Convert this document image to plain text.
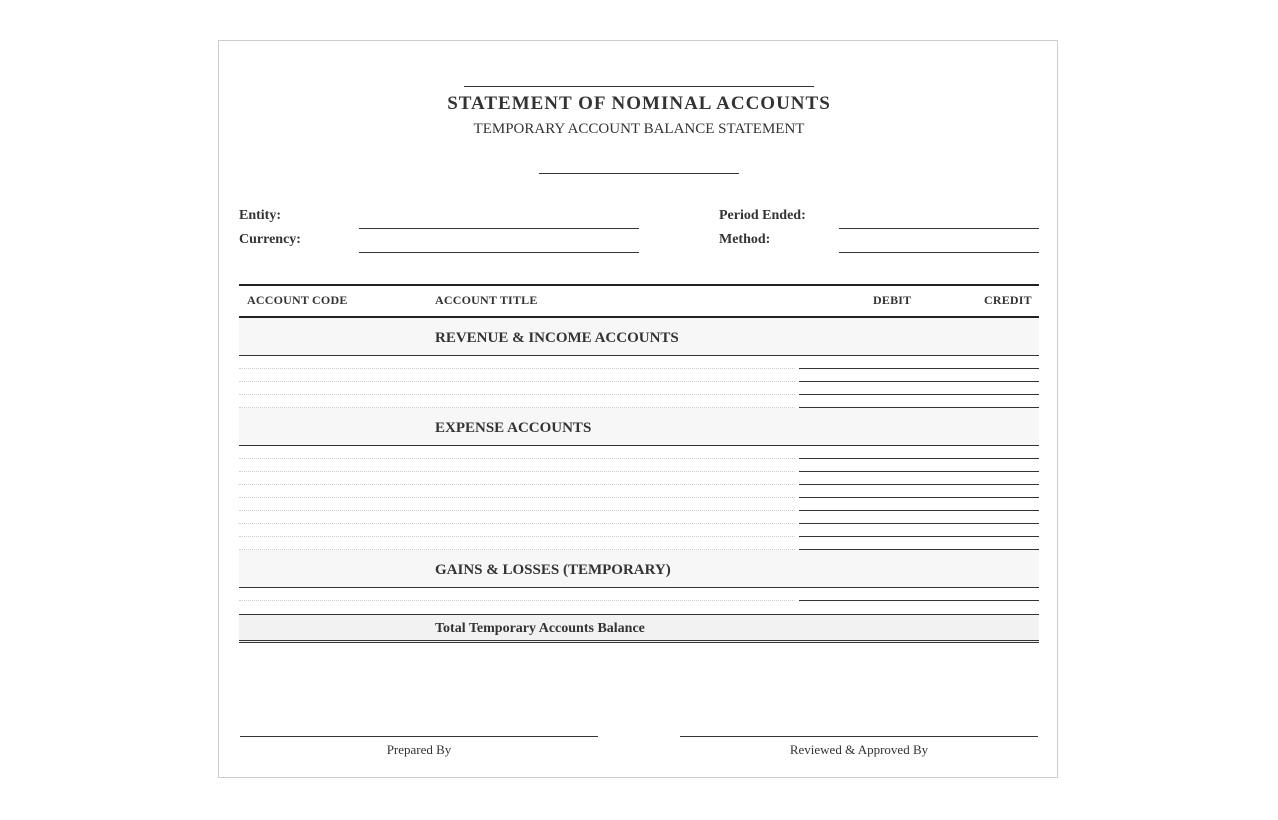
STATEMENT OF NOMINAL ACCOUNTS
TEMPORARY ACCOUNT BALANCE STATEMENT
Entity:
Currency:
Period Ended:
Method:
ACCOUNT CODE	ACCOUNT TITLE	DEBIT	CREDIT
REVENUE & INCOME ACCOUNTS
EXPENSE ACCOUNTS
GAINS & LOSSES (TEMPORARY)
Total Temporary Accounts Balance
Prepared By	Reviewed & Approved By
